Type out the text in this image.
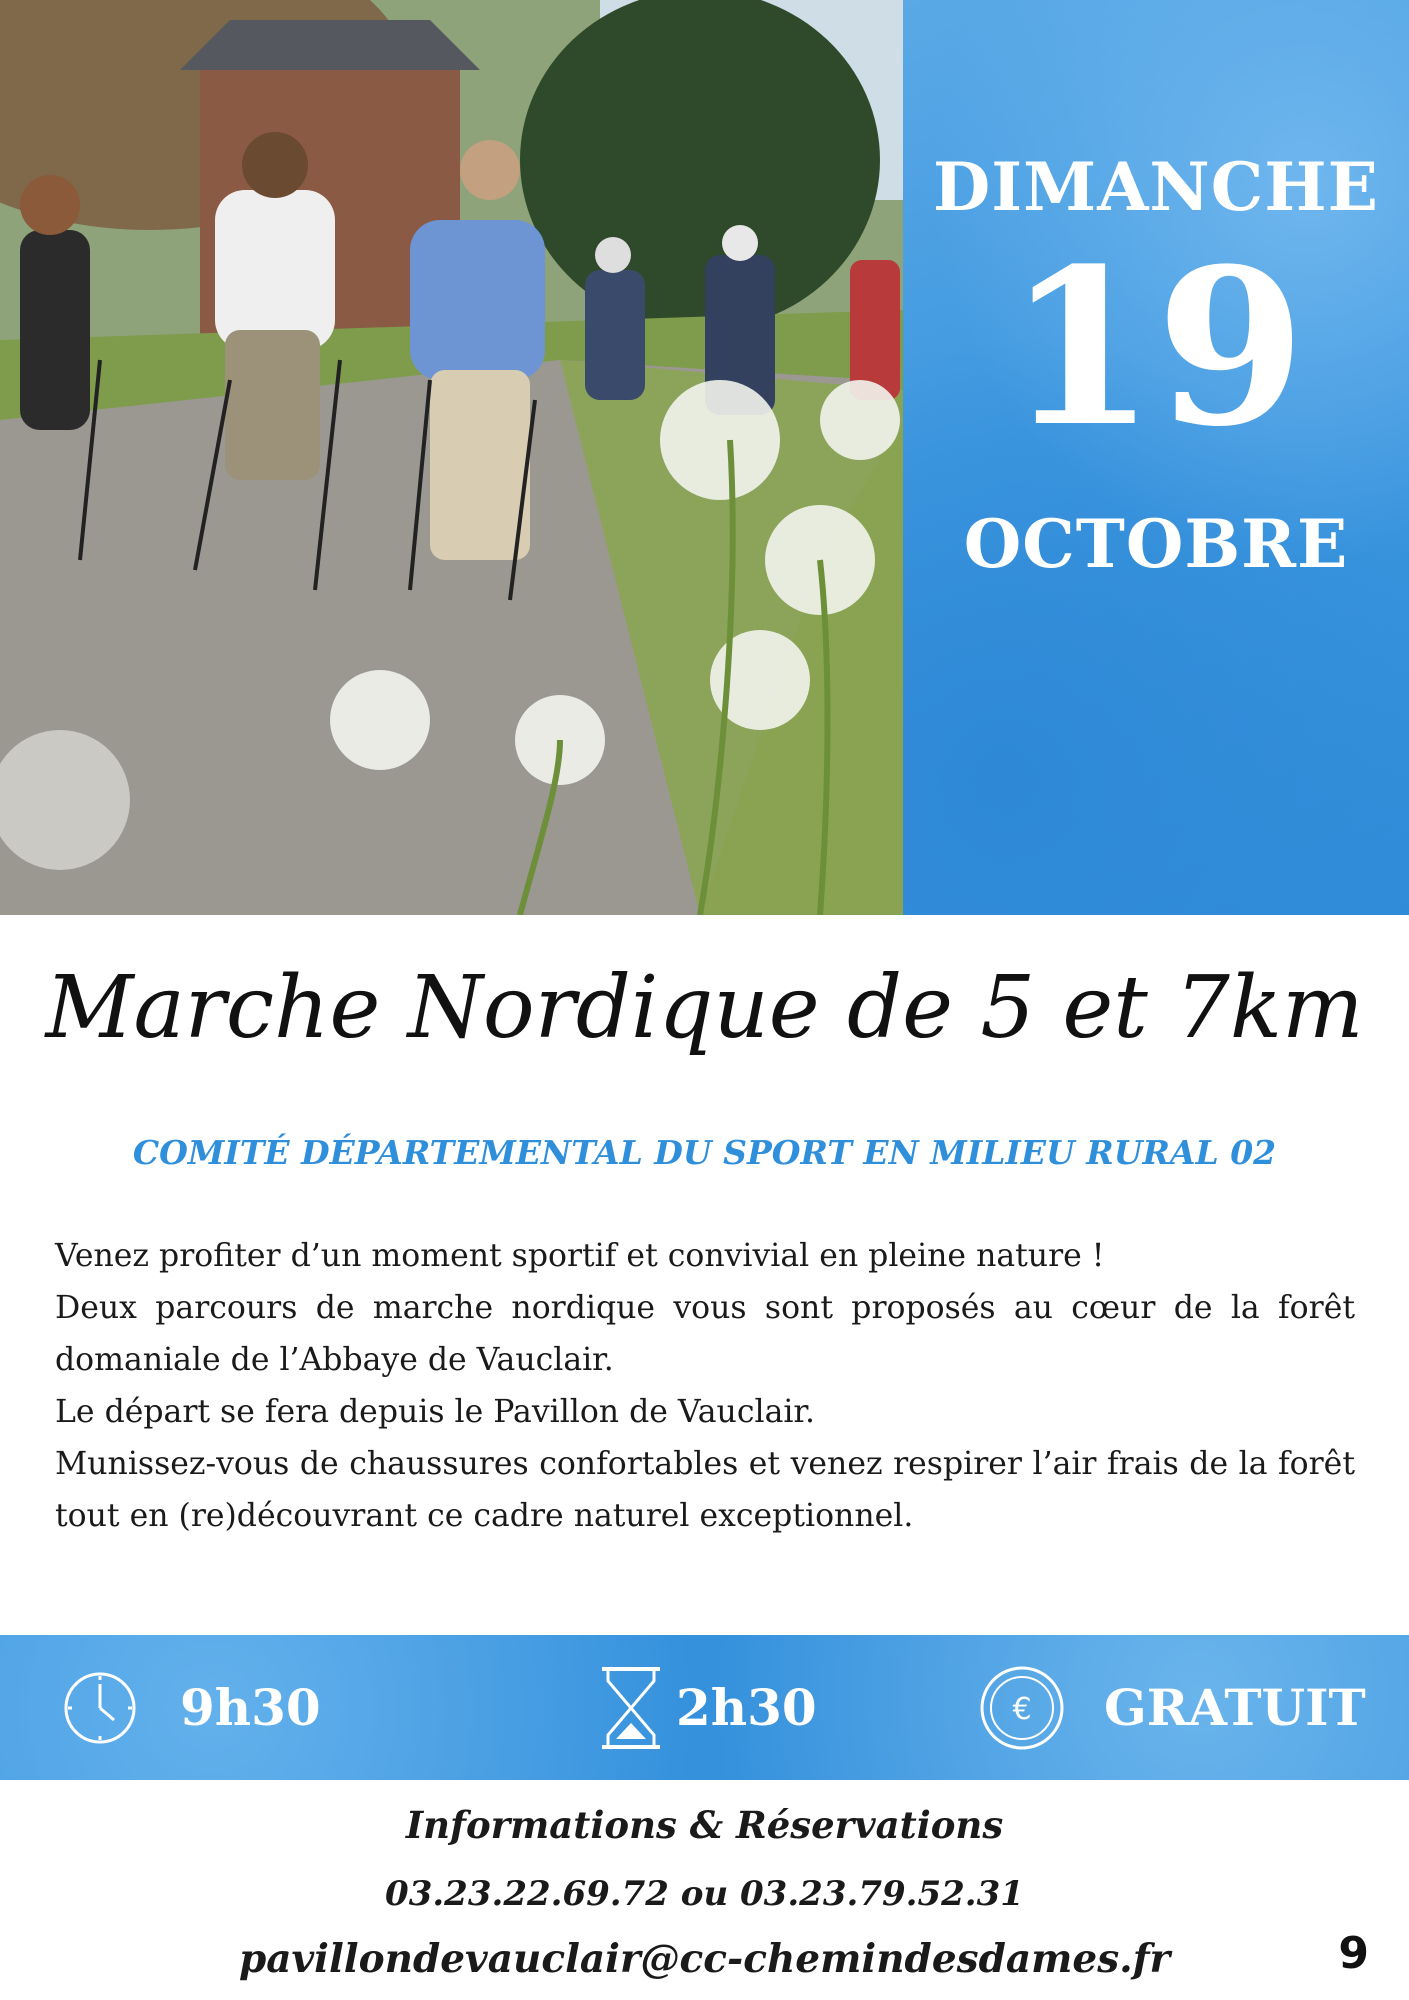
DIMANCHE
19
OCTOBRE
Marche Nordique de 5 et 7km
COMITÉ DÉPARTEMENTAL DU SPORT EN MILIEU RURAL 02

Venez profiter d’un moment sportif et convivial en pleine nature !

Deux parcours de marche nordique vous sont proposés au cœur de la forêt domaniale de l’Abbaye de Vauclair.

Le départ se fera depuis le Pavillon de Vauclair.

Munissez-vous de chaussures confortables et venez respirer l’air frais de la forêt tout en (re)découvrant ce cadre naturel exceptionnel.

9h30	2h30	€ GRATUIT
Informations & Réservations
03.23.22.69.72 ou 03.23.79.52.31
pavillondevauclair@cc-chemindesdames.fr	9
